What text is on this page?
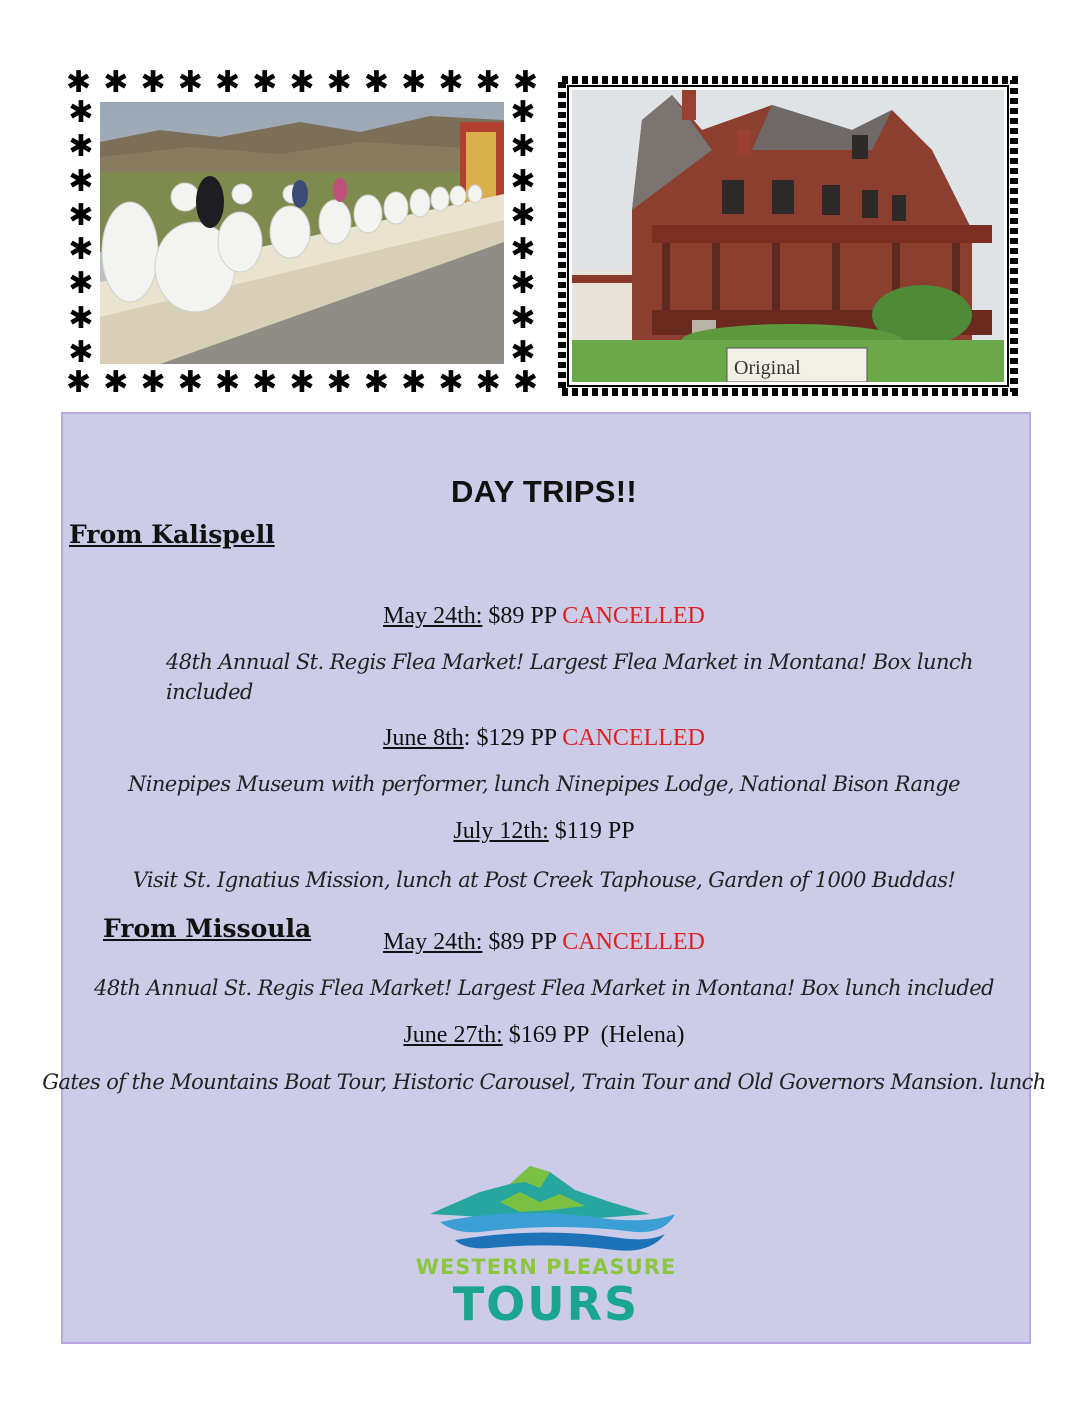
✱ ✱ ✱ ✱ ✱ ✱ ✱ ✱ ✱ ✱ ✱ ✱ ✱
✱ ✱ ✱ ✱ ✱ ✱ ✱ ✱ ✱ ✱ ✱ ✱ ✱
✱
✱
✱
✱
✱
✱
✱
✱
✱
✱
✱
✱
✱
✱
✱
✱	Original
DAY TRIPS!!
From Kalispell
May 24th: $89 PP CANCELLED
48th Annual St. Regis Flea Market! Largest Flea Market in Montana! Box lunch
included
June 8th: $129 PP CANCELLED
Ninepipes Museum with performer, lunch Ninepipes Lodge, National Bison Range
July 12th: $119 PP
Visit St. Ignatius Mission, lunch at Post Creek Taphouse, Garden of 1000 Buddas!
From Missoula	May 24th: $89 PP CANCELLED
48th Annual St. Regis Flea Market! Largest Flea Market in Montana! Box lunch included
June 27th: $169 PP (Helena)
Gates of the Mountains Boat Tour, Historic Carousel, Train Tour and Old Governors Mansion. lunch
WESTERN PLEASURE
TOURS
